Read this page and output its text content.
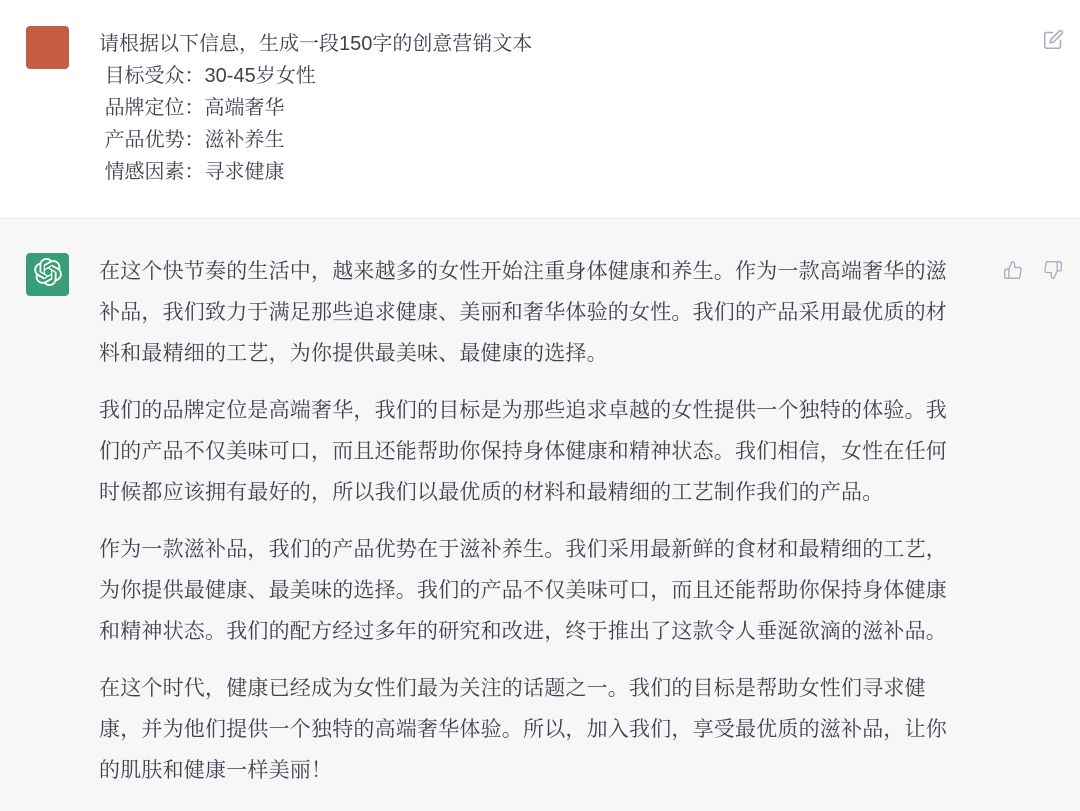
请根据以下信息，生成一段150字的创意营销文本
目标受众：30-45岁女性
品牌定位：高端奢华
产品优势：滋补养生
情感因素：寻求健康

在这个快节奏的生活中，越来越多的女性开始注重身体健康和养生。作为一款高端奢华的滋补品，我们致力于满足那些追求健康、美丽和奢华体验的女性。我们的产品采用最优质的材料和最精细的工艺，为你提供最美味、最健康的选择。

我们的品牌定位是高端奢华，我们的目标是为那些追求卓越的女性提供一个独特的体验。我们的产品不仅美味可口，而且还能帮助你保持身体健康和精神状态。我们相信，女性在任何时候都应该拥有最好的，所以我们以最优质的材料和最精细的工艺制作我们的产品。

作为一款滋补品，我们的产品优势在于滋补养生。我们采用最新鲜的食材和最精细的工艺，为你提供最健康、最美味的选择。我们的产品不仅美味可口，而且还能帮助你保持身体健康和精神状态。我们的配方经过多年的研究和改进，终于推出了这款令人垂涎欲滴的滋补品。

在这个时代，健康已经成为女性们最为关注的话题之一。我们的目标是帮助女性们寻求健康，并为他们提供一个独特的高端奢华体验。所以，加入我们，享受最优质的滋补品，让你的肌肤和健康一样美丽！
